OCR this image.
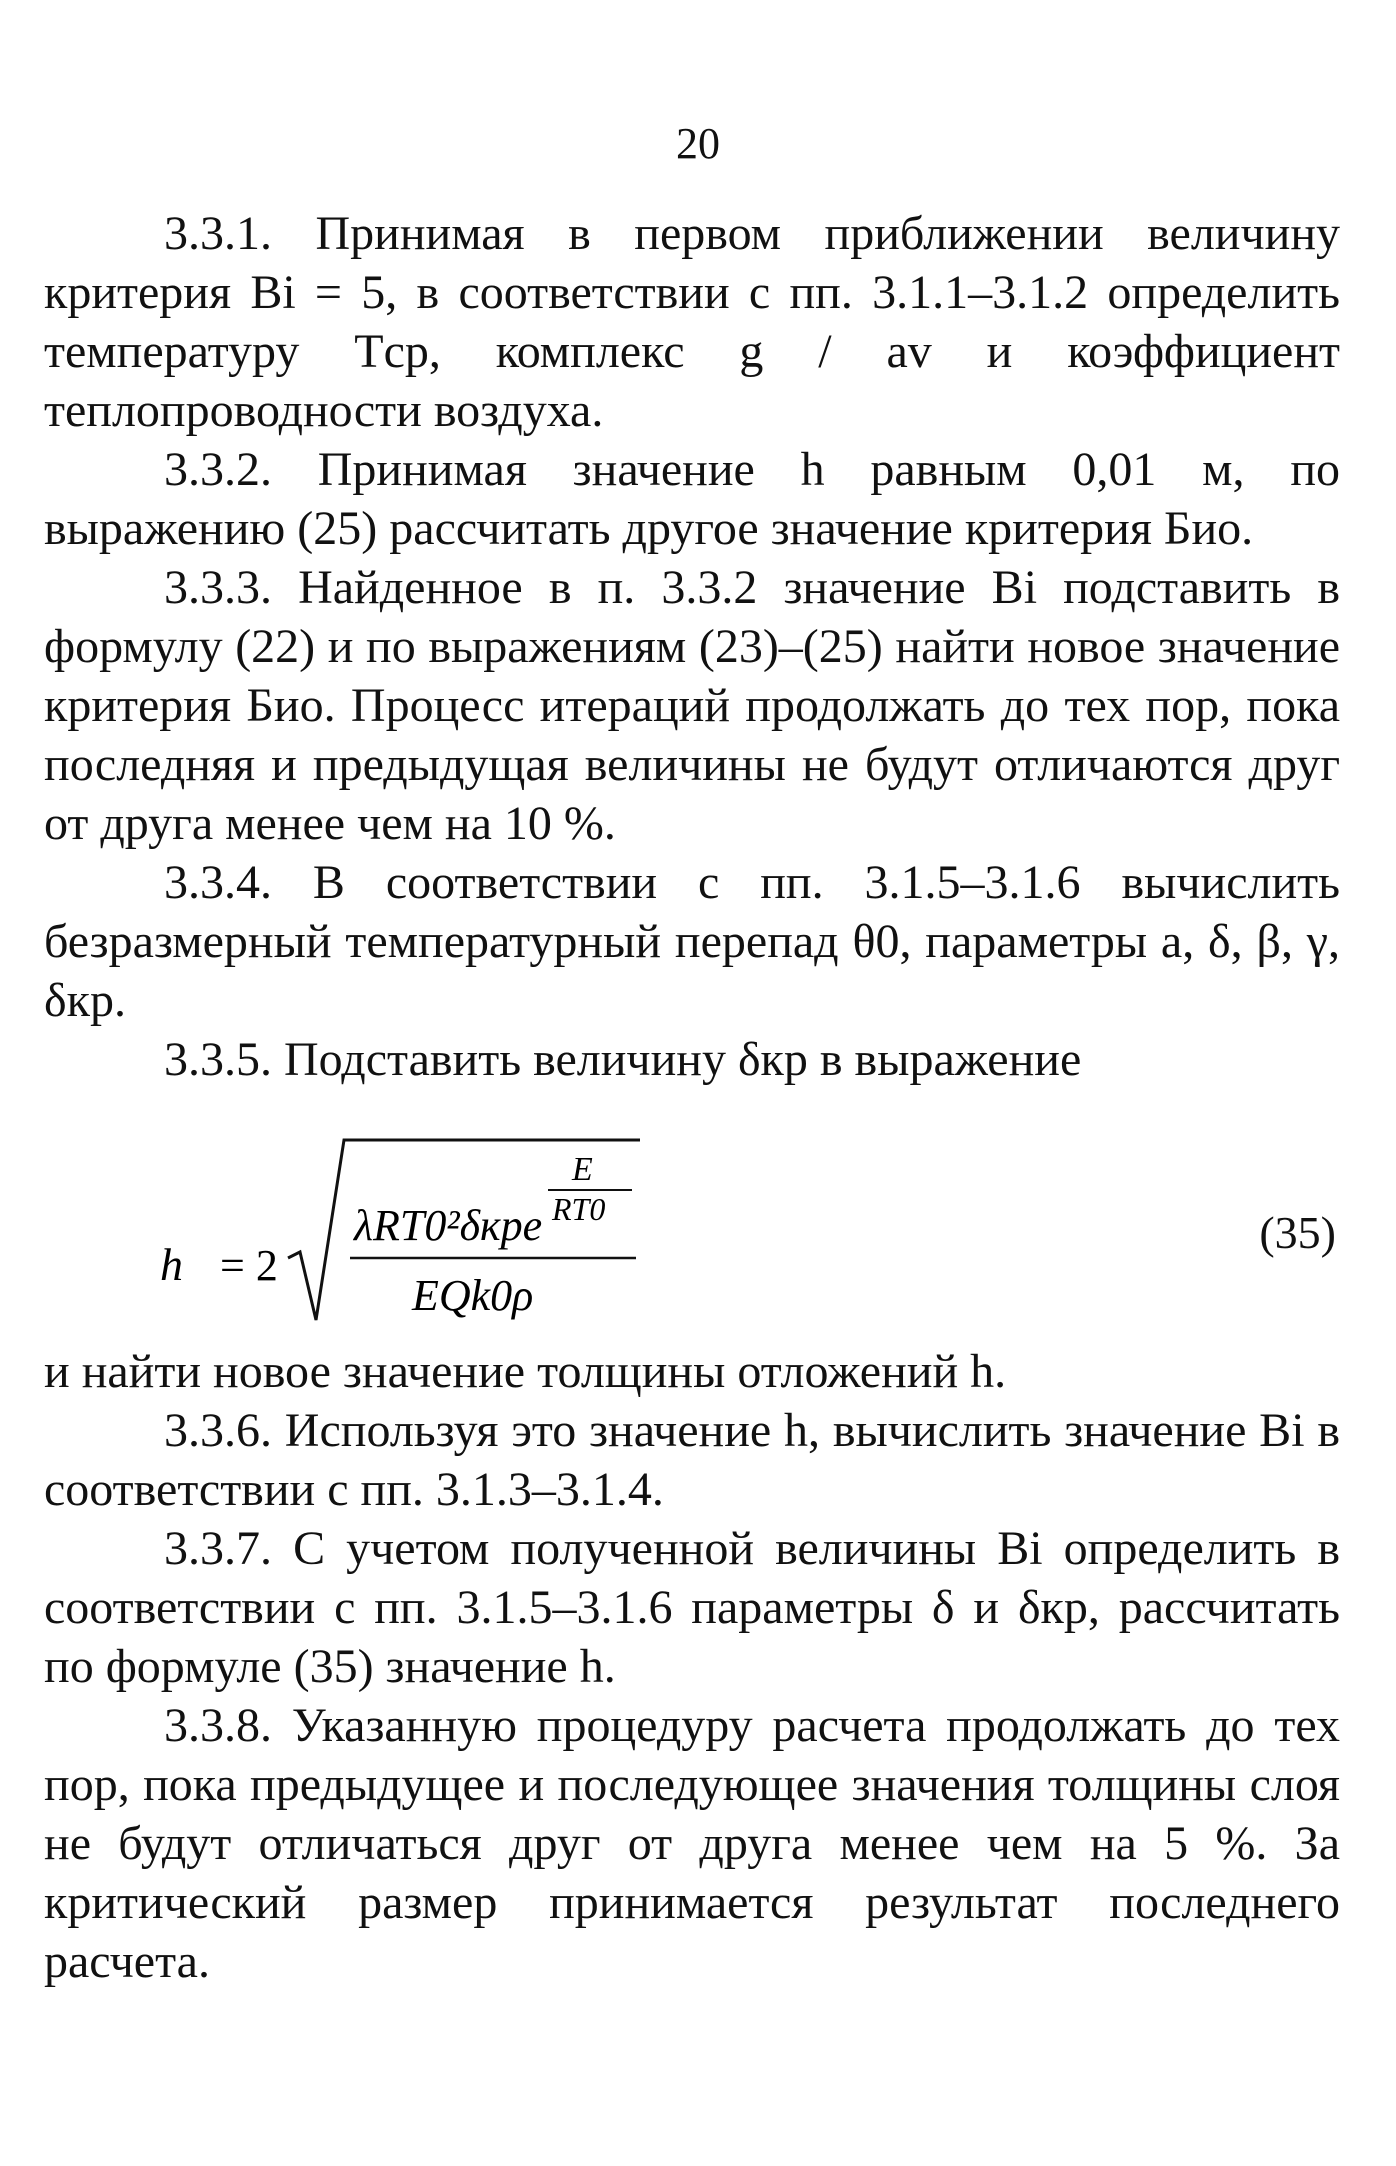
20

3.3.1. Принимая в первом приближении величину критерия Bi = 5, в соответствии с пп. 3.1.1–3.1.2 определить температуру Tср, комплекс g / av и коэффициент теплопроводности воздуха.

3.3.2. Принимая значение h равным 0,01 м, по выражению (25) рассчитать другое значение критерия Био.

3.3.3. Найденное в п. 3.3.2 значение Bi подставить в формулу (22) и по выражениям (23)–(25) найти новое значение критерия Био. Процесс итераций продолжать до тех пор, пока последняя и предыдущая величины не будут отличаются друг от друга менее чем на 10 %.

3.3.4. В соответствии с пп. 3.1.5–3.1.6 вычислить безразмерный температурный перепад θ0, параметры a, δ, β, γ, δкр.

3.3.5. Подставить величину δкр в выражение

h = 2
E
RT0
λRT0²δкрe
EQk0ρ
(35)

и найти новое значение толщины отложений h.

3.3.6. Используя это значение h, вычислить значение Bi в соответствии с пп. 3.1.3–3.1.4.

3.3.7. С учетом полученной величины Bi определить в соответствии с пп. 3.1.5–3.1.6 параметры δ и δкр, рассчитать по формуле (35) значение h.

3.3.8. Указанную процедуру расчета продолжать до тех пор, пока предыдущее и последующее значения толщины слоя не будут отличаться друг от друга менее чем на 5 %. За критический размер принимается результат последнего расчета.
